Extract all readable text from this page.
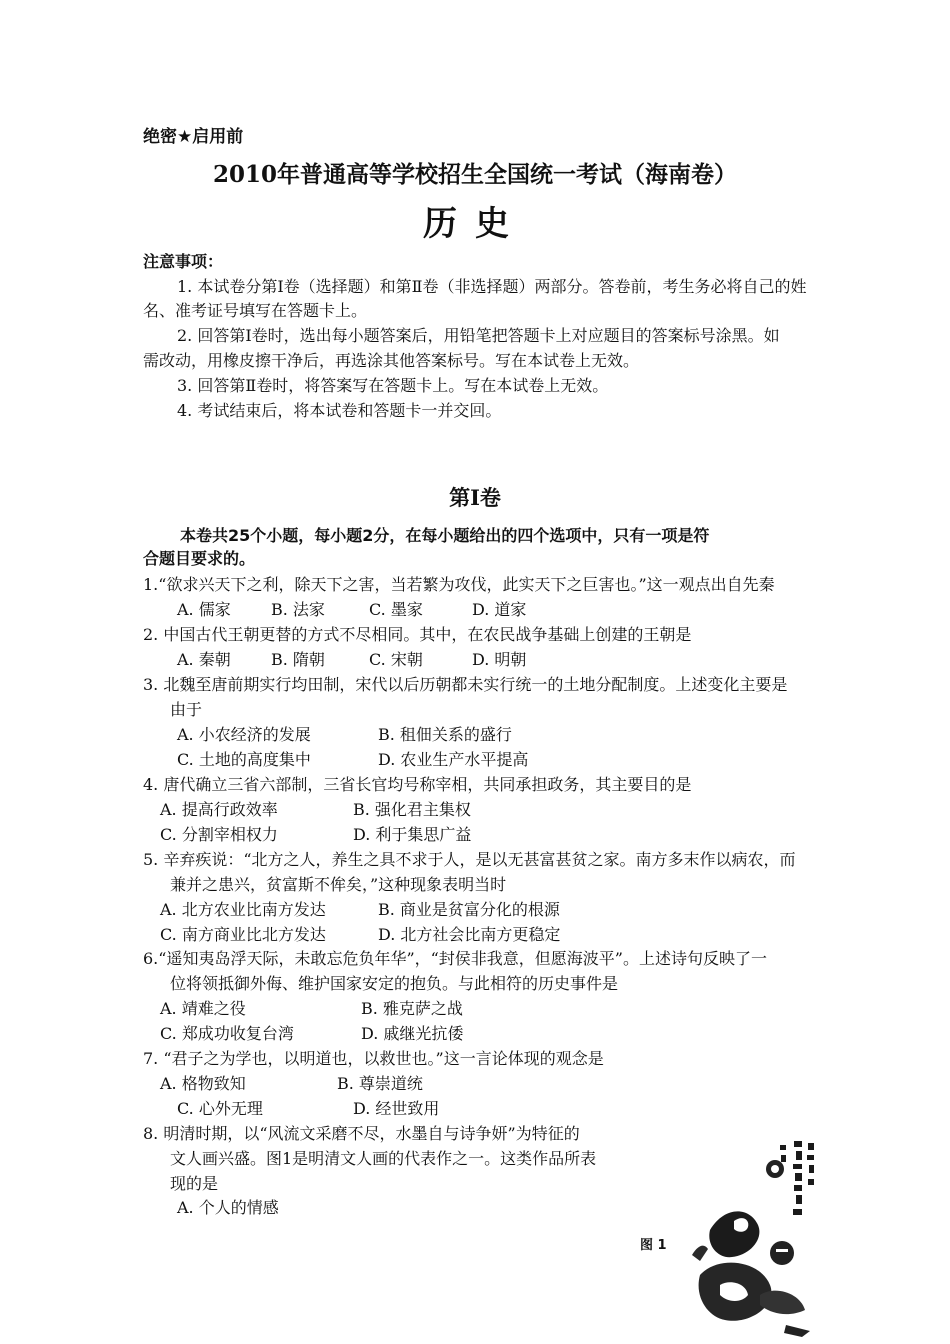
绝密★启用前
2010年普通高等学校招生全国统一考试（海南卷）
历史
注意事项：
1. 本试卷分第Ⅰ卷（选择题）和第Ⅱ卷（非选择题）两部分。答卷前，考生务必将自己的姓
名、准考证号填写在答题卡上。
2. 回答第Ⅰ卷时，选出每小题答案后，用铅笔把答题卡上对应题目的答案标号涂黑。如
需改动，用橡皮擦干净后，再选涂其他答案标号。写在本试卷上无效。
3. 回答第Ⅱ卷时，将答案写在答题卡上。写在本试卷上无效。
4. 考试结束后，将本试卷和答题卡一并交回。
第Ⅰ卷
本卷共25个小题，每小题2分，在每小题给出的四个选项中，只有一项是符
合题目要求的。
1.“欲求兴天下之利，除天下之害，当若繁为攻伐，此实天下之巨害也。”这一观点出自先秦
A. 儒家	B. 法家	C. 墨家	D. 道家
2. 中国古代王朝更替的方式不尽相同。其中，在农民战争基础上创建的王朝是
A. 秦朝	B. 隋朝	C. 宋朝	D. 明朝
3. 北魏至唐前期实行均田制，宋代以后历朝都未实行统一的土地分配制度。上述变化主要是
由于
A. 小农经济的发展	B. 租佃关系的盛行
C. 土地的高度集中	D. 农业生产水平提高
4. 唐代确立三省六部制，三省长官均号称宰相，共同承担政务，其主要目的是
A. 提高行政效率	B. 强化君主集权
C. 分割宰相权力	D. 利于集思广益
5. 辛弃疾说：“北方之人，养生之具不求于人，是以无甚富甚贫之家。南方多末作以病农，而
兼并之患兴，贫富斯不侔矣，”这种现象表明当时
A. 北方农业比南方发达	B. 商业是贫富分化的根源
C. 南方商业比北方发达	D. 北方社会比南方更稳定
6.“遥知夷岛浮天际，未敢忘危负年华”，“封侯非我意，但愿海波平”。上述诗句反映了一
位将领抵御外侮、维护国家安定的抱负。与此相符的历史事件是
A. 靖难之役	B. 雅克萨之战
C. 郑成功收复台湾	D. 戚继光抗倭
7. “君子之为学也，以明道也，以救世也。”这一言论体现的观念是
A. 格物致知	B. 尊崇道统
C. 心外无理	D. 经世致用
8. 明清时期，以“风流文采磨不尽，水墨自与诗争妍”为特征的
文人画兴盛。图1是明清文人画的代表作之一。这类作品所表
现的是
A. 个人的情感
图 1
